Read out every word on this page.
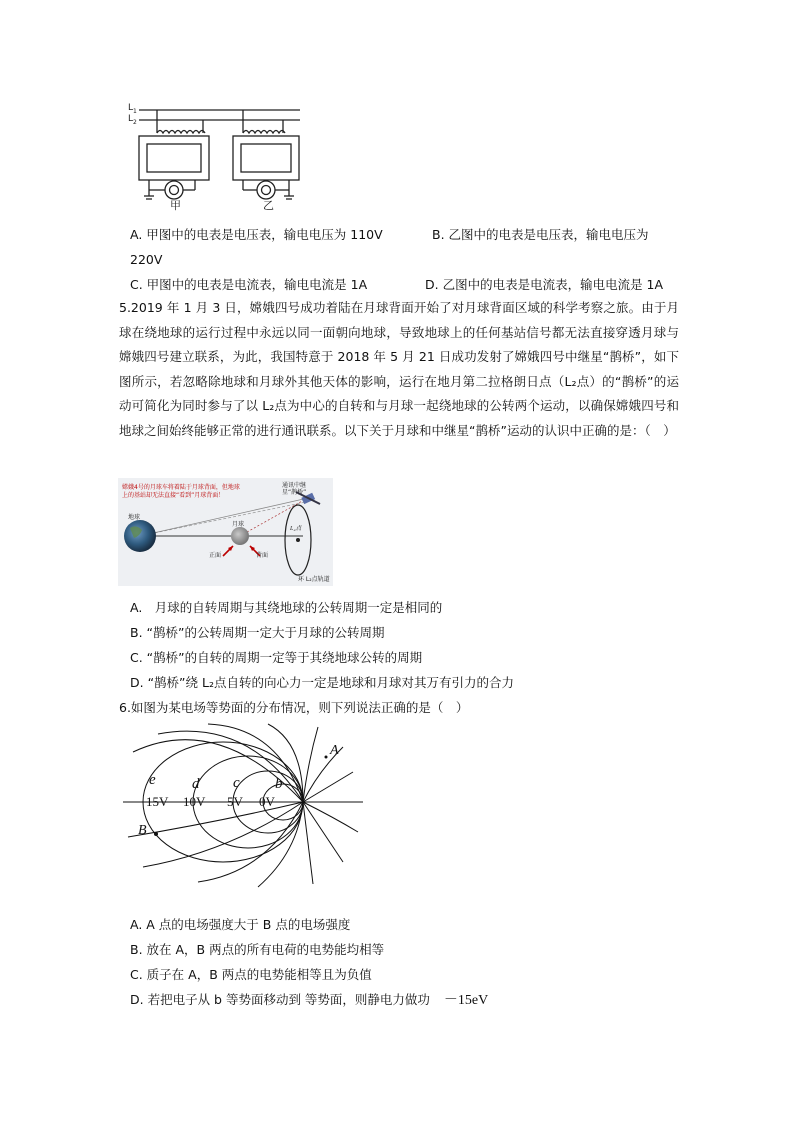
$L_1$
$L_2$
甲	乙
A. 甲图中的电表是电压表，输电电压为 110V	B. 乙图中的电表是电压表，输电电压为
220V
C. 甲图中的电表是电流表，输电电流是 1A	D. 乙图中的电表是电流表，输电电流是 1A
5.2019 年 1 月 3 日，嫦娥四号成功着陆在月球背面开始了对月球背面区域的科学考察之旅。由于月球在绕地球的运行过程中永远以同一面朝向地球，导致地球上的任何基站信号都无法直接穿透月球与嫦娥四号建立联系，为此，我国特意于 2018 年 5 月 21 日成功发射了嫦娥四号中继星“鹊桥”，如下图所示，若忽略除地球和月球外其他天体的影响，运行在地月第二拉格朗日点（L₂点）的“鹊桥”的运动可简化为同时参与了以 L₂点为中心的自转和与月球一起绕地球的公转两个运动，以确保嫦娥四号和地球之间始终能够正常的进行通讯联系。以下关于月球和中继星“鹊桥”运动的认识中正确的是：（　）
嫦娥4号的月球车将着陆于月球背面，但地球
上的基站却无法直接“看到”月球背面！
通讯中继
星“鹊桥”
地球
月球
正面	背面
L₂点
环 L₂点轨道
A.　月球的自转周期与其绕地球的公转周期一定是相同的
B. “鹊桥”的公转周期一定大于月球的公转周期
C. “鹊桥”的自转的周期一定等于其绕地球公转的周期
D. “鹊桥”绕 L₂点自转的向心力一定是地球和月球对其万有引力的合力
6.如图为某电场等势面的分布情况，则下列说法正确的是（　）
e d c b
A
B
15V 10V 5V 0V
A. A 点的电场强度大于 B 点的电场强度
B. 放在 A，B 两点的所有电荷的电势能均相等
C. 质子在 A，B 两点的电势能相等且为负值
D. 若把电子从 b 等势面移动到 等势面，则静电力做功 －15eV
